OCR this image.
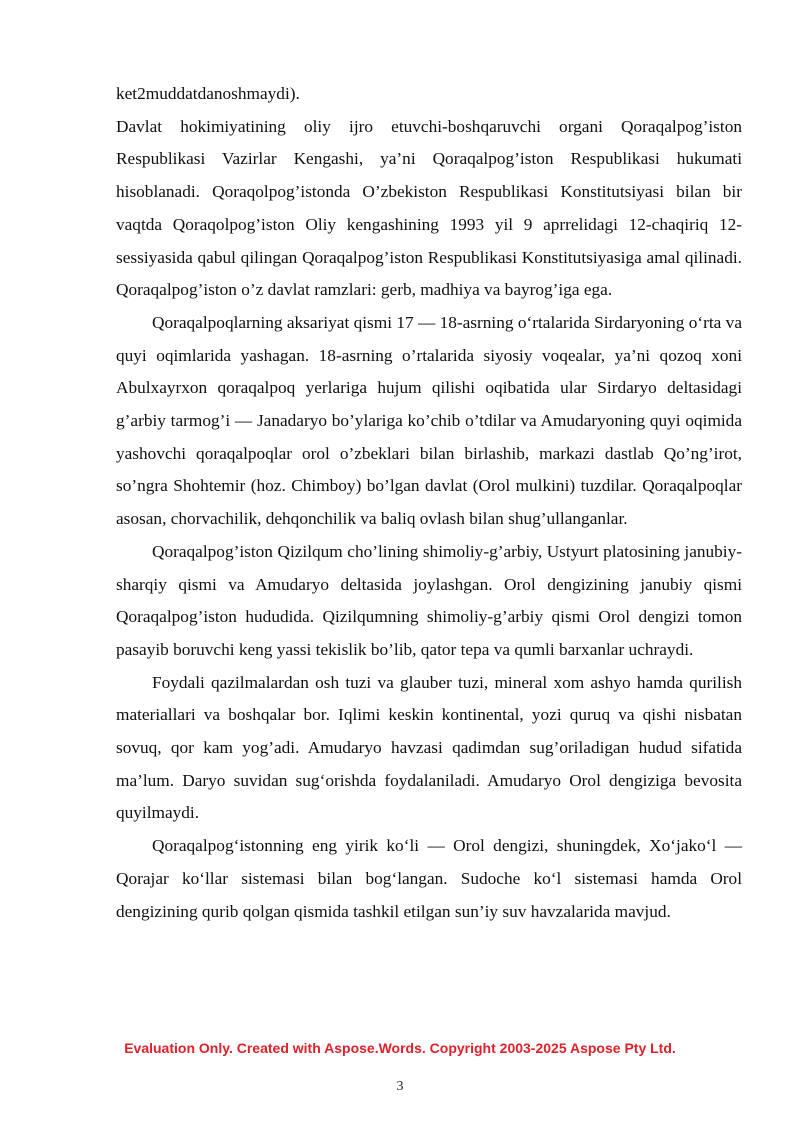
ket2muddatdanoshmaydi).

Davlat hokimiyatining oliy ijro etuvchi-boshqaruvchi organi Qoraqalpog’iston Respublikasi Vazirlar Kengashi, ya’ni Qoraqalpog’iston Respublikasi hukumati hisoblanadi. Qoraqolpog’istonda O’zbekiston Respublikasi Konstitutsiyasi bilan bir vaqtda Qoraqolpog’iston Oliy kengashining 1993 yil 9 aprrelidagi 12-chaqiriq 12-sessiyasida qabul qilingan Qoraqalpog’iston Respublikasi Konstitutsiyasiga amal qilinadi. Qoraqalpog’iston o’z davlat ramzlari: gerb, madhiya va bayrog’iga ega.

Qoraqalpoqlarning aksariyat qismi 17 — 18-asrning o‘rtalarida Sirdaryoning o‘rta va quyi oqimlarida yashagan. 18-asrning o’rtalarida siyosiy voqealar, ya’ni qozoq xoni Abulxayrxon qoraqalpoq yerlariga hujum qilishi oqibatida ular Sirdaryo deltasidagi g’arbiy tarmog’i — Janadaryo bo’ylariga ko’chib o’tdilar va Amudaryoning quyi oqimida yashovchi qoraqalpoqlar orol o’zbeklari bilan birlashib, markazi dastlab Qo’ng’irot, so’ngra Shohtemir (hoz. Chimboy) bo’lgan davlat (Orol mulkini) tuzdilar. Qoraqalpoqlar asosan, chorvachilik, dehqonchilik va baliq ovlash bilan shug’ullanganlar.

Qoraqalpog’iston Qizilqum cho’lining shimoliy-g’arbiy, Ustyurt platosining janubiy-sharqiy qismi va Amudaryo deltasida joylashgan. Orol dengizining janubiy qismi Qoraqalpog’iston hududida. Qizilqumning shimoliy-g’arbiy qismi Orol dengizi tomon pasayib boruvchi keng yassi tekislik bo’lib, qator tepa va qumli barxanlar uchraydi.

Foydali qazilmalardan osh tuzi va glauber tuzi, mineral xom ashyo hamda qurilish materiallari va boshqalar bor. Iqlimi keskin kontinental, yozi quruq va qishi nisbatan sovuq, qor kam yog’adi. Amudaryo havzasi qadimdan sug’oriladigan hudud sifatida ma’lum. Daryo suvidan sug‘orishda foydalaniladi. Amudaryo Orol dengiziga bevosita quyilmaydi.

Qoraqalpog‘istonning eng yirik ko‘li — Orol dengizi, shuningdek, Xo‘jako‘l — Qorajar ko‘llar sistemasi bilan bog‘langan. Sudoche ko‘l sistemasi hamda Orol dengizining qurib qolgan qismida tashkil etilgan sun’iy suv havzalarida mavjud.

Evaluation Only. Created with Aspose.Words. Copyright 2003-2025 Aspose Pty Ltd.
3
